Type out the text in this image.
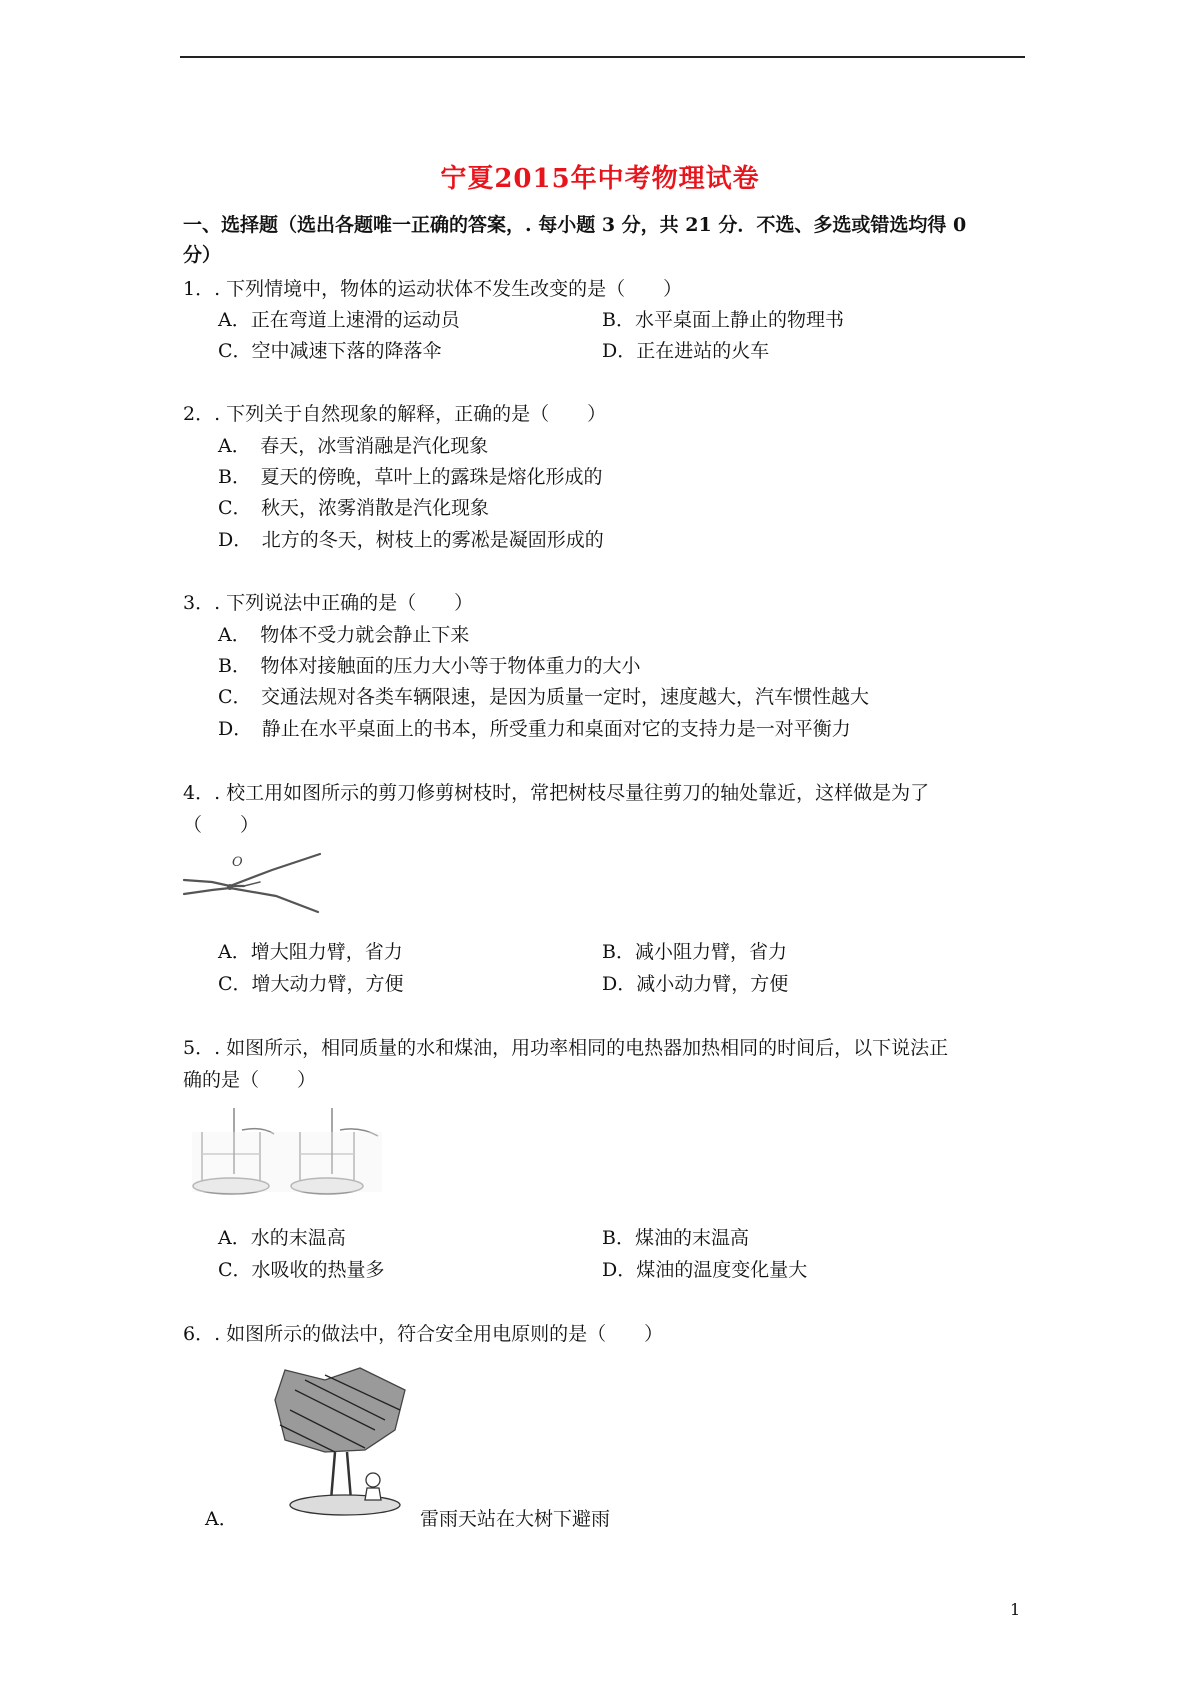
宁夏2015年中考物理试卷
一、选择题（选出各题唯一正确的答案，. 每小题 3 分，共 21 分．不选、多选或错选均得 0
分）
1．. 下列情境中，物体的运动状体不发生改变的是（　　）
A．正在弯道上速滑的运动员	B．水平桌面上静止的物理书
C．空中减速下落的降落伞	D．正在进站的火车
2．. 下列关于自然现象的解释，正确的是（　　）
A．　春天，冰雪消融是汽化现象
B．　夏天的傍晚，草叶上的露珠是熔化形成的
C．　秋天，浓雾消散是汽化现象
D．　北方的冬天，树枝上的雾凇是凝固形成的
3．. 下列说法中正确的是（　　）
A．　物体不受力就会静止下来
B．　物体对接触面的压力大小等于物体重力的大小
C．　交通法规对各类车辆限速，是因为质量一定时，速度越大，汽车惯性越大
D．　静止在水平桌面上的书本，所受重力和桌面对它的支持力是一对平衡力
4．. 校工用如图所示的剪刀修剪树枝时，常把树枝尽量往剪刀的轴处靠近，这样做是为了
（　　）
O
A．增大阻力臂，省力	B．减小阻力臂，省力
C．增大动力臂，方便	D．减小动力臂，方便
5．. 如图所示，相同质量的水和煤油，用功率相同的电热器加热相同的时间后，以下说法正
确的是（　　）
A．水的末温高	B．煤油的末温高
C．水吸收的热量多	D．煤油的温度变化量大
6．. 如图所示的做法中，符合安全用电原则的是（　　）
A．	雷雨天站在大树下避雨
1
